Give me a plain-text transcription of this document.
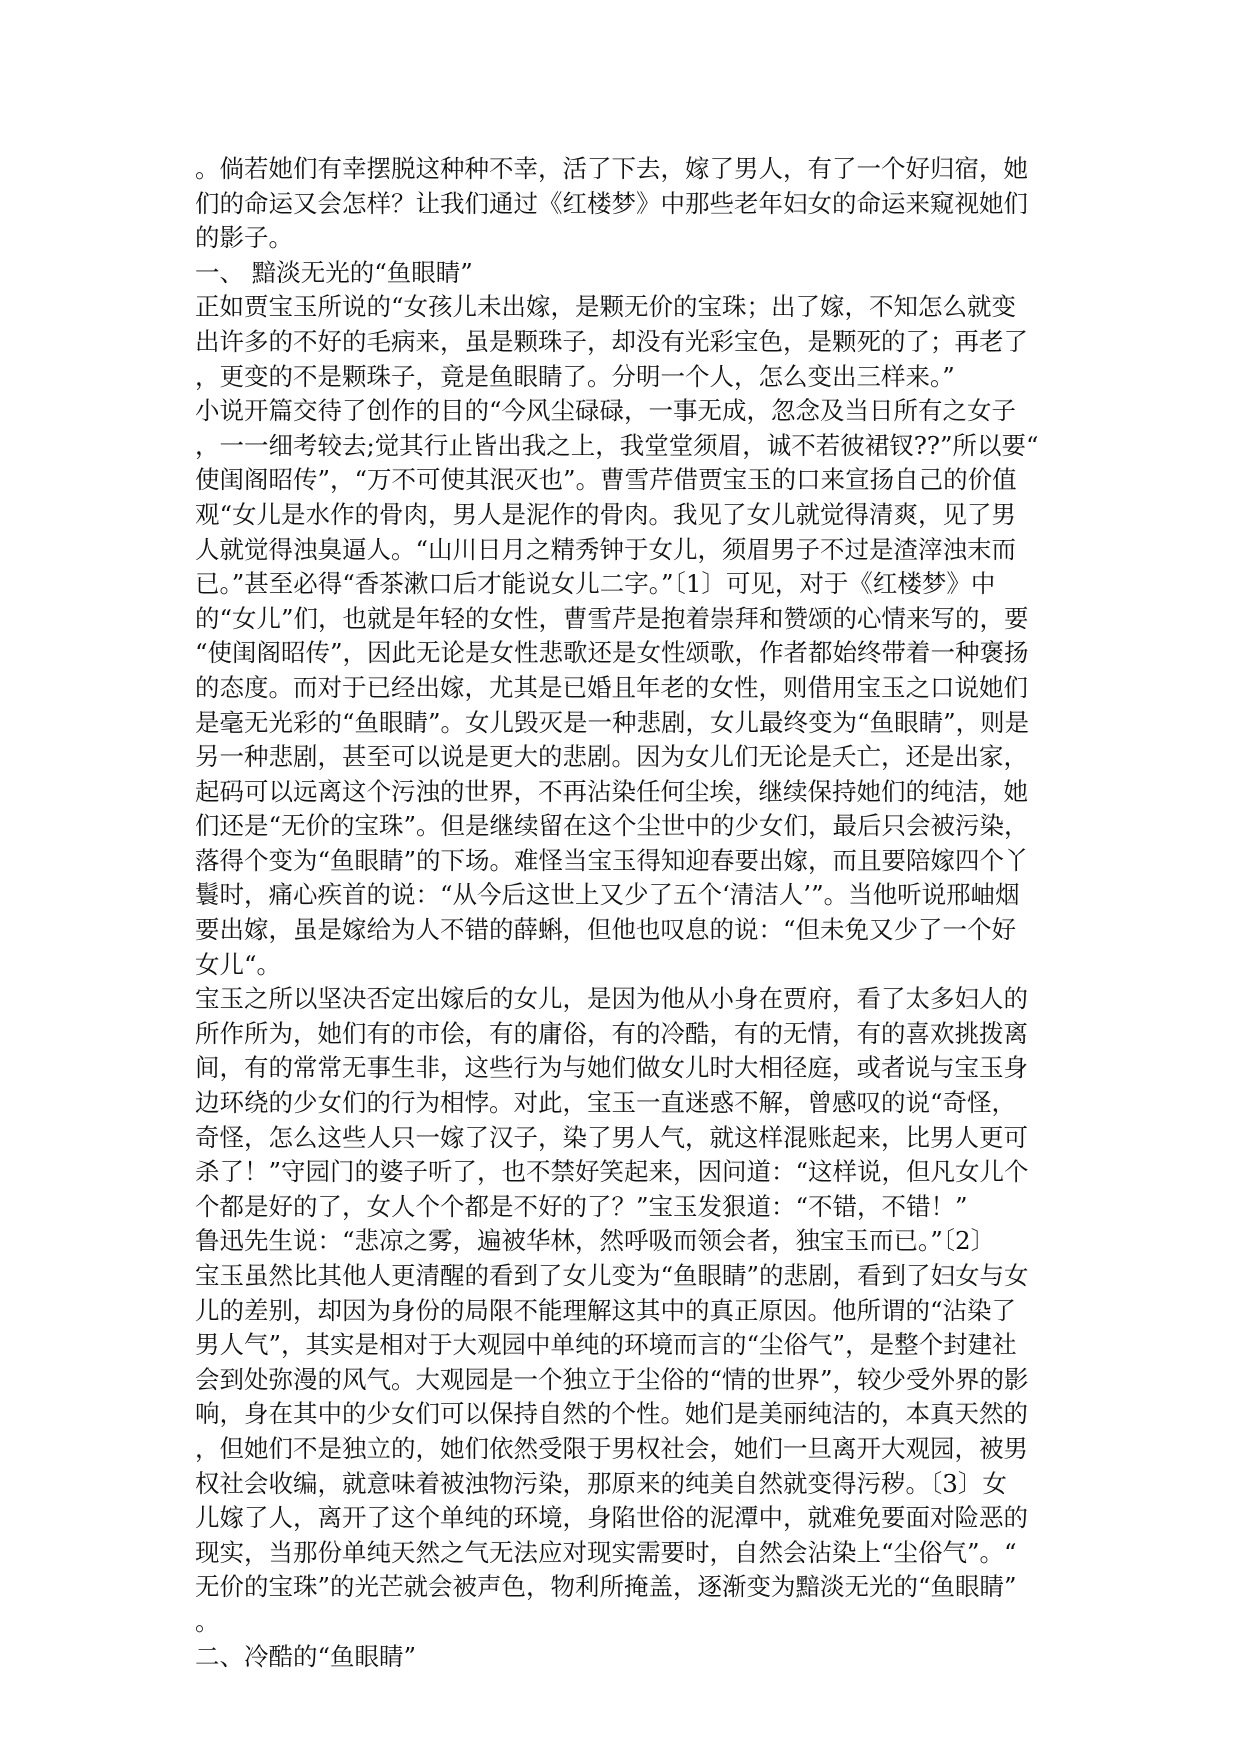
。倘若她们有幸摆脱这种种不幸，活了下去，嫁了男人，有了一个好归宿，她
们的命运又会怎样？让我们通过《红楼梦》中那些老年妇女的命运来窥视她们
的影子。
一、 黯淡无光的“鱼眼睛”
正如贾宝玉所说的“女孩儿未出嫁，是颗无价的宝珠；出了嫁，不知怎么就变
出许多的不好的毛病来，虽是颗珠子，却没有光彩宝色，是颗死的了；再老了
，更变的不是颗珠子，竟是鱼眼睛了。分明一个人，怎么变出三样来。”
小说开篇交待了创作的目的“今风尘碌碌，一事无成，忽念及当日所有之女子
，一一细考较去;觉其行止皆出我之上，我堂堂须眉，诚不若彼裙钗??”所以要“
使闺阁昭传”，“万不可使其泯灭也”。曹雪芹借贾宝玉的口来宣扬自己的价值
观“女儿是水作的骨肉，男人是泥作的骨肉。我见了女儿就觉得清爽，见了男
人就觉得浊臭逼人。“山川日月之精秀钟于女儿，须眉男子不过是渣滓浊末而
已。”甚至必得“香茶漱口后才能说女儿二字。”〔1〕可见，对于《红楼梦》中
的“女儿”们，也就是年轻的女性，曹雪芹是抱着崇拜和赞颂的心情来写的，要
“使闺阁昭传”，因此无论是女性悲歌还是女性颂歌，作者都始终带着一种褒扬
的态度。而对于已经出嫁，尤其是已婚且年老的女性，则借用宝玉之口说她们
是毫无光彩的“鱼眼睛”。女儿毁灭是一种悲剧，女儿最终变为“鱼眼睛”，则是
另一种悲剧，甚至可以说是更大的悲剧。因为女儿们无论是夭亡，还是出家，
起码可以远离这个污浊的世界，不再沾染任何尘埃，继续保持她们的纯洁，她
们还是“无价的宝珠”。但是继续留在这个尘世中的少女们，最后只会被污染，
落得个变为“鱼眼睛”的下场。难怪当宝玉得知迎春要出嫁，而且要陪嫁四个丫
鬟时，痛心疾首的说：“从今后这世上又少了五个‘清洁人’”。当他听说邢岫烟
要出嫁，虽是嫁给为人不错的薛蝌，但他也叹息的说：“但未免又少了一个好
女儿“。
宝玉之所以坚决否定出嫁后的女儿，是因为他从小身在贾府，看了太多妇人的
所作所为，她们有的市侩，有的庸俗，有的冷酷，有的无情，有的喜欢挑拨离
间，有的常常无事生非，这些行为与她们做女儿时大相径庭，或者说与宝玉身
边环绕的少女们的行为相悖。对此，宝玉一直迷惑不解，曾感叹的说“奇怪，
奇怪，怎么这些人只一嫁了汉子，染了男人气，就这样混账起来，比男人更可
杀了！”守园门的婆子听了，也不禁好笑起来，因问道：“这样说，但凡女儿个
个都是好的了，女人个个都是不好的了？”宝玉发狠道：“不错，不错！”
鲁迅先生说：“悲凉之雾，遍被华林，然呼吸而领会者，独宝玉而已。”〔2〕
宝玉虽然比其他人更清醒的看到了女儿变为“鱼眼睛”的悲剧，看到了妇女与女
儿的差别，却因为身份的局限不能理解这其中的真正原因。他所谓的“沾染了
男人气”，其实是相对于大观园中单纯的环境而言的“尘俗气”，是整个封建社
会到处弥漫的风气。大观园是一个独立于尘俗的“情的世界”，较少受外界的影
响，身在其中的少女们可以保持自然的个性。她们是美丽纯洁的，本真天然的
，但她们不是独立的，她们依然受限于男权社会，她们一旦离开大观园，被男
权社会收编，就意味着被浊物污染，那原来的纯美自然就变得污秽。〔3〕女
儿嫁了人，离开了这个单纯的环境，身陷世俗的泥潭中，就难免要面对险恶的
现实，当那份单纯天然之气无法应对现实需要时，自然会沾染上“尘俗气”。“
无价的宝珠”的光芒就会被声色，物利所掩盖，逐渐变为黯淡无光的“鱼眼睛”
。
二、冷酷的“鱼眼睛”
